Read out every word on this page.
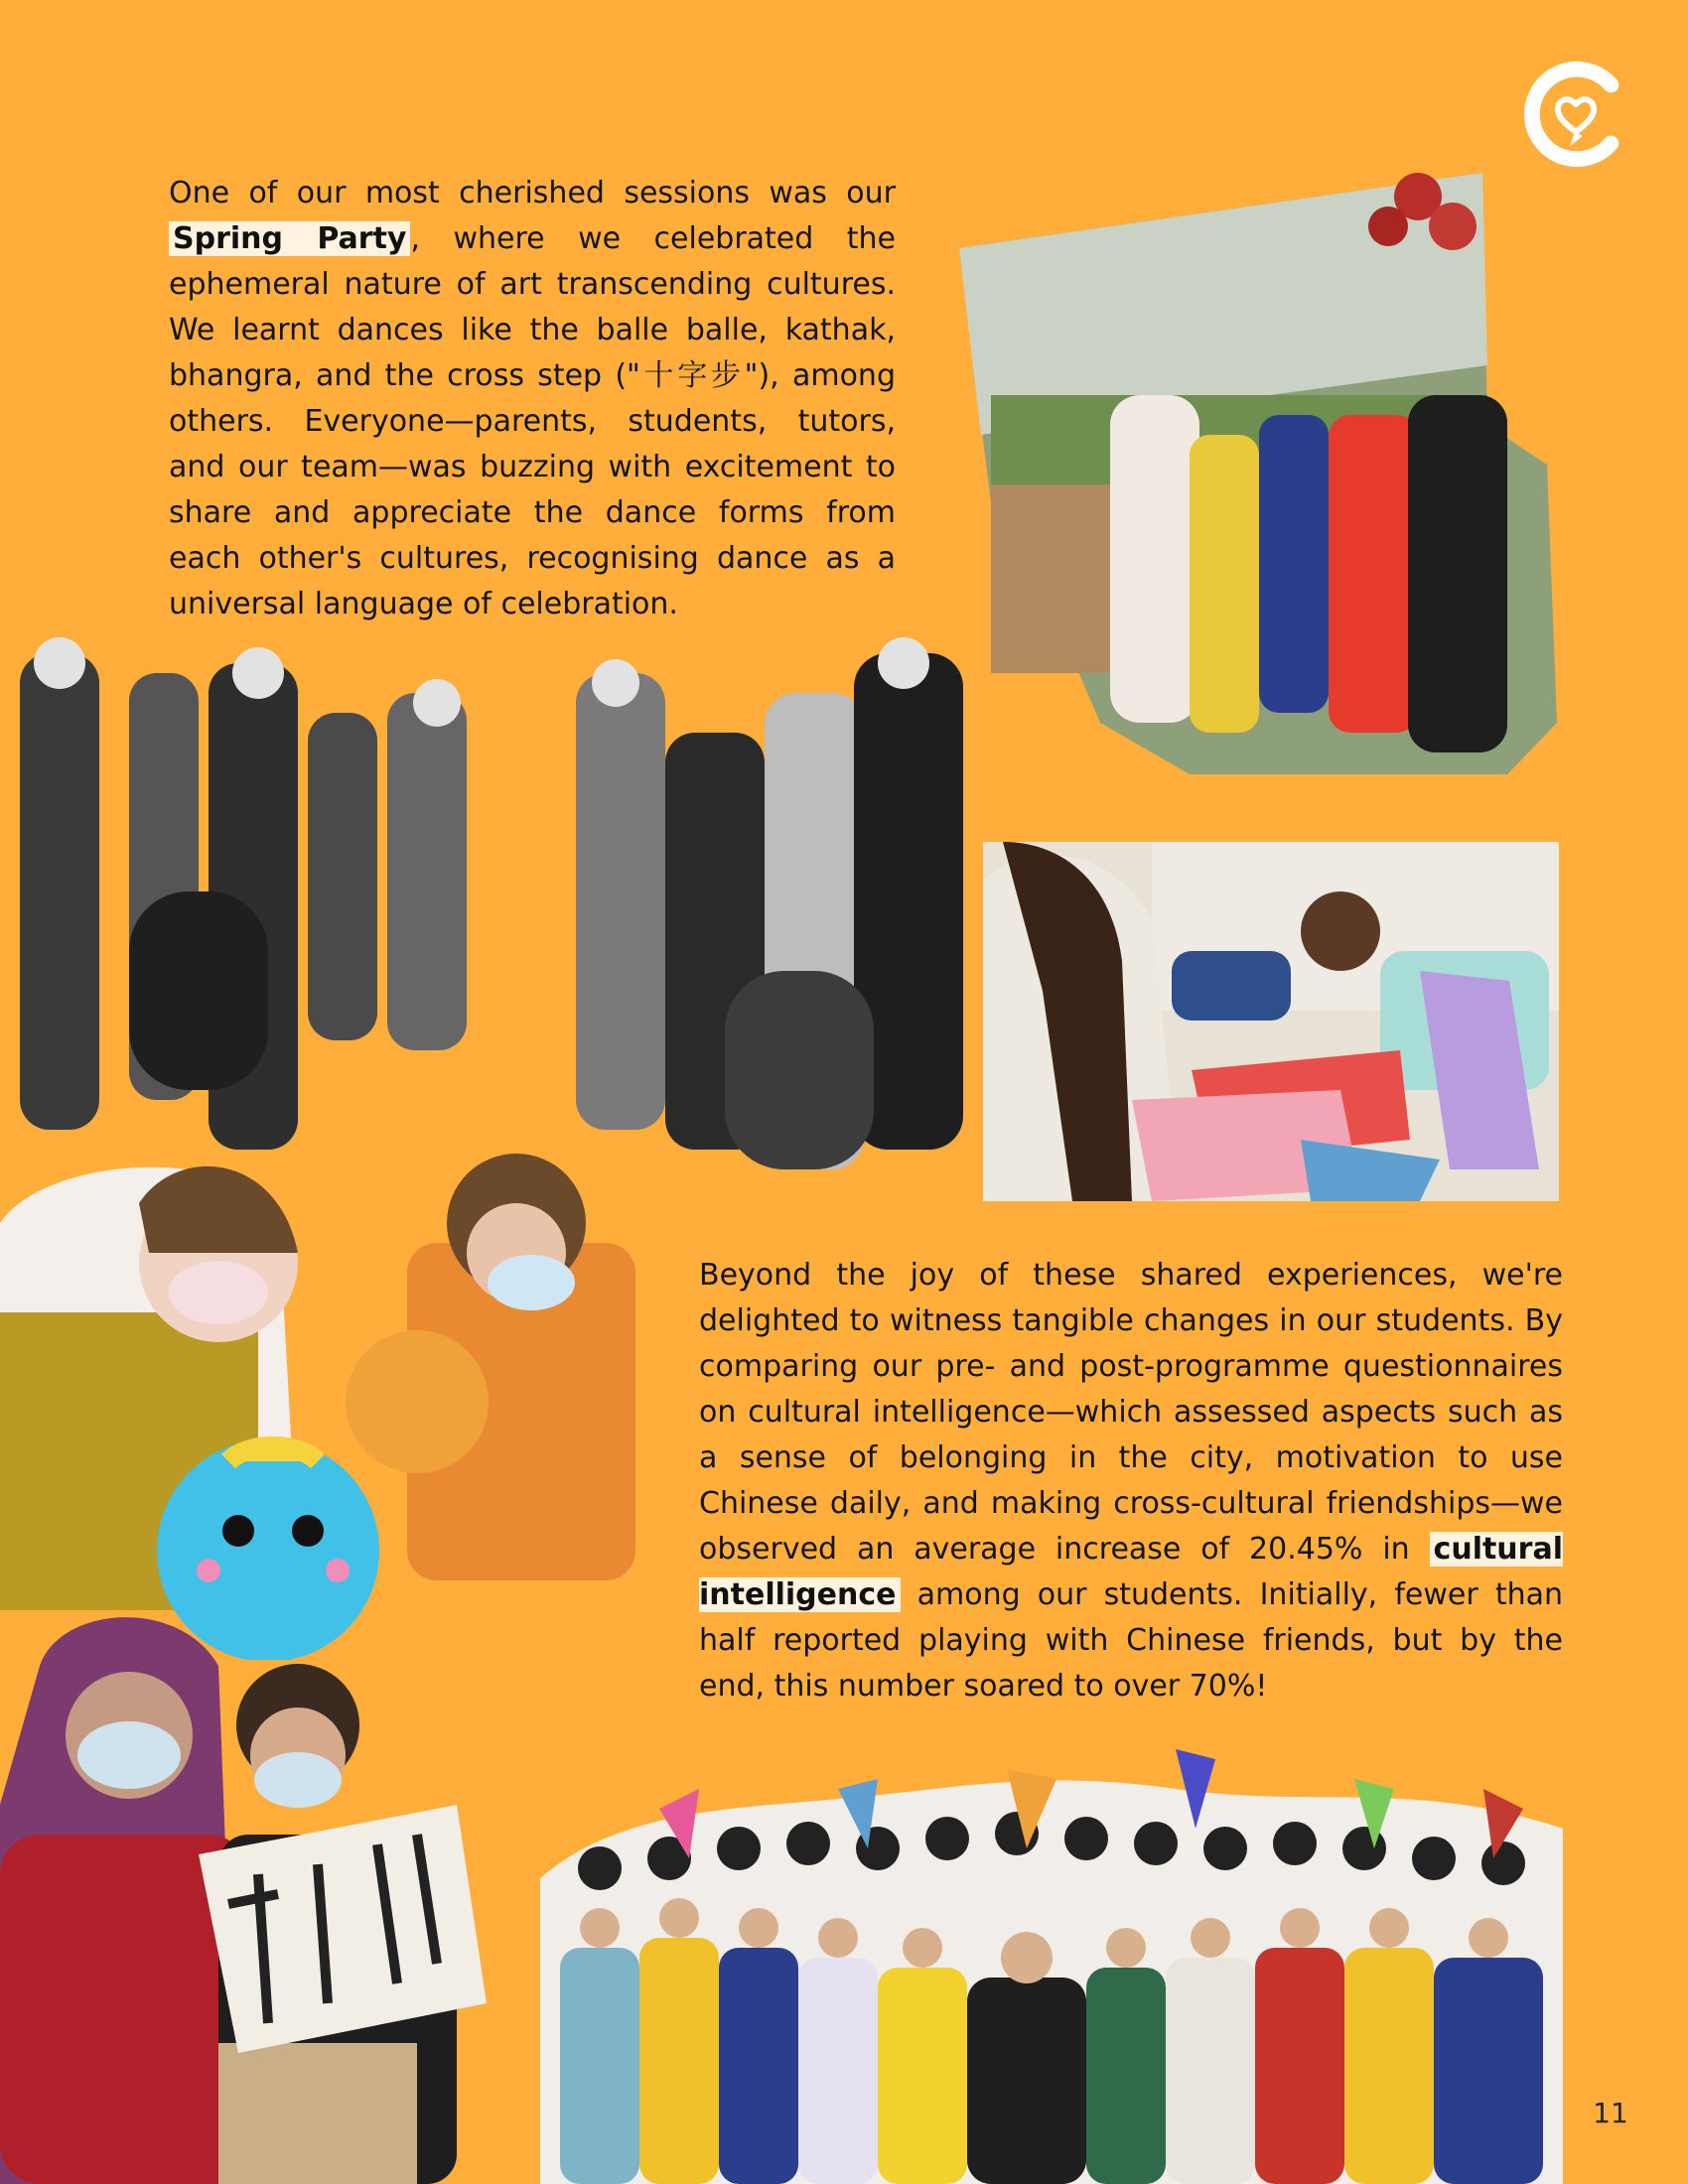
One of our most cherished sessions was our Spring Party , where we celebrated the ephemeral nature of art transcending cultures. We learnt dances like the balle balle, kathak, bhangra, and the cross step ("十字步"), among others. Everyone—parents, students, tutors, and our team—was buzzing with excitement to share and appreciate the dance forms from each other's cultures, recognising dance as a universal language of celebration.

Beyond the joy of these shared experiences, we're delighted to witness tangible changes in our students. By comparing our pre- and post-programme questionnaires on cultural intelligence—which assessed aspects such as a sense of belonging in the city, motivation to use Chinese daily, and making cross-cultural friendships—we observed an average increase of 20.45% in cultural intelligence among our students. Initially, fewer than half reported playing with Chinese friends, but by the end, this number soared to over 70%!

11
